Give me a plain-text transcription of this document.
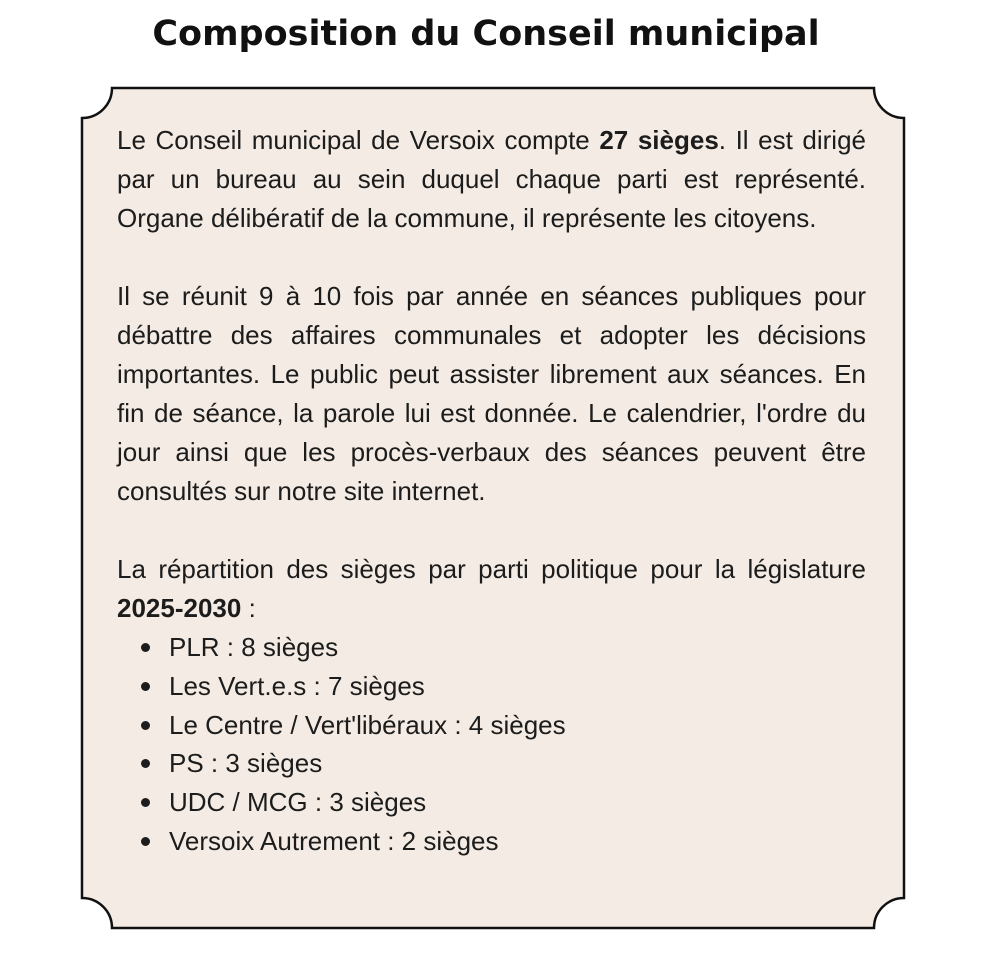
Composition du Conseil municipal

Le Conseil municipal de Versoix compte 27 sièges. Il est dirigé par un bureau au sein duquel chaque parti est représenté. Organe délibératif de la commune, il représente les citoyens.

Il se réunit 9 à 10 fois par année en séances publiques pour débattre des affaires communales et adopter les décisions importantes. Le public peut assister librement aux séances. En fin de séance, la parole lui est donnée. Le calendrier, l'ordre du jour ainsi que les procès-verbaux des séances peuvent être consultés sur notre site internet.

La répartition des sièges par parti politique pour la législature 2025-2030 :

PLR : 8 sièges
Les Vert.e.s : 7 sièges
Le Centre / Vert'libéraux : 4 sièges
PS : 3 sièges
UDC / MCG : 3 sièges
Versoix Autrement : 2 sièges
